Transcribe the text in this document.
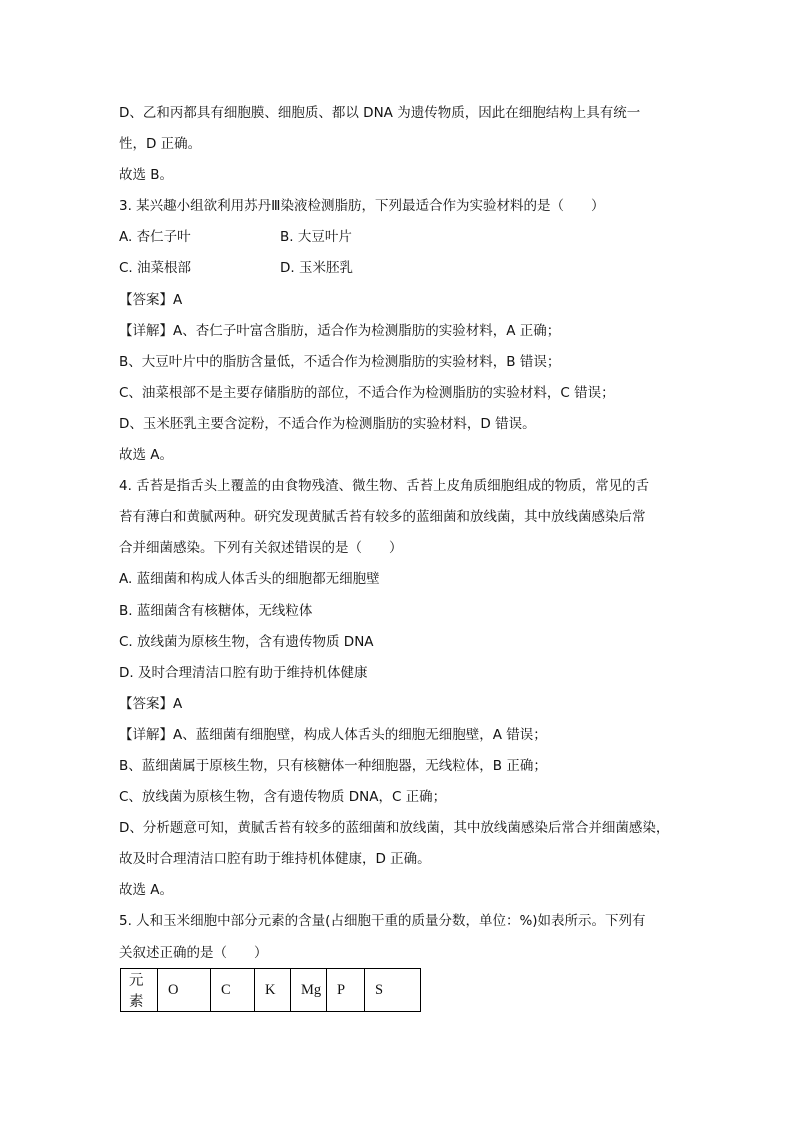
D、乙和丙都具有细胞膜、细胞质、都以 DNA 为遗传物质，因此在细胞结构上具有统一
性，D 正确。
故选 B。
3. 某兴趣小组欲利用苏丹Ⅲ染液检测脂肪，下列最适合作为实验材料的是（　　）
A. 杏仁子叶	B. 大豆叶片
C. 油菜根部	D. 玉米胚乳
【答案】A
【详解】A、杏仁子叶富含脂肪，适合作为检测脂肪的实验材料，A 正确；
B、大豆叶片中的脂肪含量低，不适合作为检测脂肪的实验材料，B 错误；
C、油菜根部不是主要存储脂肪的部位，不适合作为检测脂肪的实验材料，C 错误；
D、玉米胚乳主要含淀粉，不适合作为检测脂肪的实验材料，D 错误。
故选 A。
4. 舌苔是指舌头上覆盖的由食物残渣、微生物、舌苔上皮角质细胞组成的物质，常见的舌
苔有薄白和黄腻两种。研究发现黄腻舌苔有较多的蓝细菌和放线菌，其中放线菌感染后常
合并细菌感染。下列有关叙述错误的是（　　）
A. 蓝细菌和构成人体舌头的细胞都无细胞壁
B. 蓝细菌含有核糖体，无线粒体
C. 放线菌为原核生物，含有遗传物质 DNA
D. 及时合理清洁口腔有助于维持机体健康
【答案】A
【详解】A、蓝细菌有细胞壁，构成人体舌头的细胞无细胞壁，A 错误；
B、蓝细菌属于原核生物，只有核糖体一种细胞器，无线粒体，B 正确；
C、放线菌为原核生物，含有遗传物质 DNA，C 正确；
D、分析题意可知，黄腻舌苔有较多的蓝细菌和放线菌，其中放线菌感染后常合并细菌感染，
故及时合理清洁口腔有助于维持机体健康，D 正确。
故选 A。
5. 人和玉米细胞中部分元素的含量(占细胞干重的质量分数，单位：%)如表所示。下列有
关叙述正确的是（　　）
元素	O	C	K	Mg	P	S
